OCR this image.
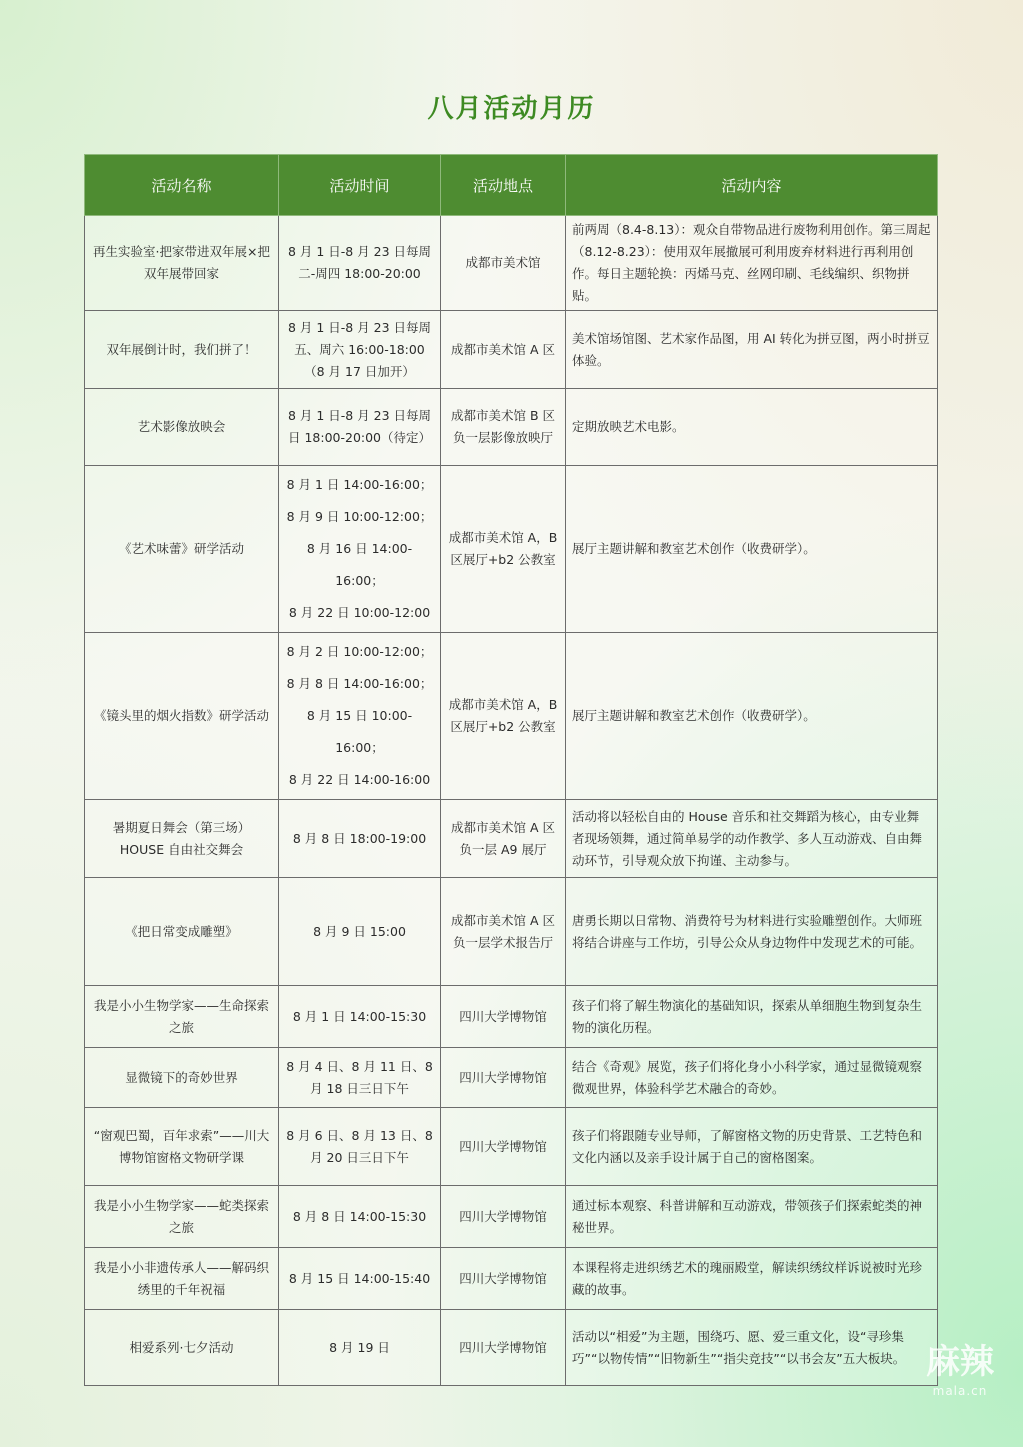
八月活动月历
活动名称	活动时间	活动地点	活动内容

再生实验室·把家带进双年展×把双年展带回家	8 月 1 日-8 月 23 日每周二-周四 18:00-20:00	成都市美术馆	前两周（8.4-8.13）：观众自带物品进行废物利用创作。第三周起（8.12-8.23）：使用双年展撤展可利用废弃材料进行再利用创作。每日主题轮换：丙烯马克、丝网印刷、毛线编织、织物拼贴。

双年展倒计时，我们拼了！	8 月 1 日-8 月 23 日每周五、周六 16:00-18:00
（8 月 17 日加开）	成都市美术馆 A 区	美术馆场馆图、艺术家作品图，用 AI 转化为拼豆图，两小时拼豆体验。

艺术影像放映会	8 月 1 日-8 月 23 日每周日 18:00-20:00（待定）	成都市美术馆 B 区负一层影像放映厅	定期放映艺术电影。

《艺术味蕾》研学活动	8 月 1 日 14:00-16:00；
8 月 9 日 10:00-12:00；
8 月 16 日 14:00-16:00；
8 月 22 日 10:00-12:00	成都市美术馆 A，B 区展厅+b2 公教室	展厅主题讲解和教室艺术创作（收费研学）。

《镜头里的烟火指数》研学活动	8 月 2 日 10:00-12:00；
8 月 8 日 14:00-16:00；
8 月 15 日 10:00-16:00；
8 月 22 日 14:00-16:00	成都市美术馆 A，B 区展厅+b2 公教室	展厅主题讲解和教室艺术创作（收费研学）。

暑期夏日舞会（第三场）
HOUSE 自由社交舞会	8 月 8 日 18:00-19:00	成都市美术馆 A 区负一层 A9 展厅	活动将以轻松自由的 House 音乐和社交舞蹈为核心，由专业舞者现场领舞，通过简单易学的动作教学、多人互动游戏、自由舞动环节，引导观众放下拘谨、主动参与。

《把日常变成雕塑》	8 月 9 日 15:00	成都市美术馆 A 区
负一层学术报告厅	唐勇长期以日常物、消费符号为材料进行实验雕塑创作。大师班将结合讲座与工作坊，引导公众从身边物件中发现艺术的可能。

我是小小生物学家——生命探索之旅	8 月 1 日 14:00-15:30	四川大学博物馆	孩子们将了解生物演化的基础知识，探索从单细胞生物到复杂生物的演化历程。

显微镜下的奇妙世界	8 月 4 日、8 月 11 日、8 月 18 日三日下午	四川大学博物馆	结合《奇观》展览，孩子们将化身小小科学家，通过显微镜观察微观世界，体验科学艺术融合的奇妙。

“窗观巴蜀，百年求索”——川大博物馆窗格文物研学课	8 月 6 日、8 月 13 日、8 月 20 日三日下午	四川大学博物馆	孩子们将跟随专业导师，了解窗格文物的历史背景、工艺特色和文化内涵以及亲手设计属于自己的窗格图案。

我是小小生物学家——蛇类探索之旅	8 月 8 日 14:00-15:30	四川大学博物馆	通过标本观察、科普讲解和互动游戏，带领孩子们探索蛇类的神秘世界。

我是小小非遗传承人——解码织绣里的千年祝福	8 月 15 日 14:00-15:40	四川大学博物馆	本课程将走进织绣艺术的瑰丽殿堂，解读织绣纹样诉说被时光珍藏的故事。

相爱系列·七夕活动	8 月 19 日	四川大学博物馆	活动以“相爱”为主题，围绕巧、愿、爱三重文化，设“寻珍集巧”“以物传情”“旧物新生”“指尖竞技”“以书会友”五大板块。 麻辣
mala.cn
